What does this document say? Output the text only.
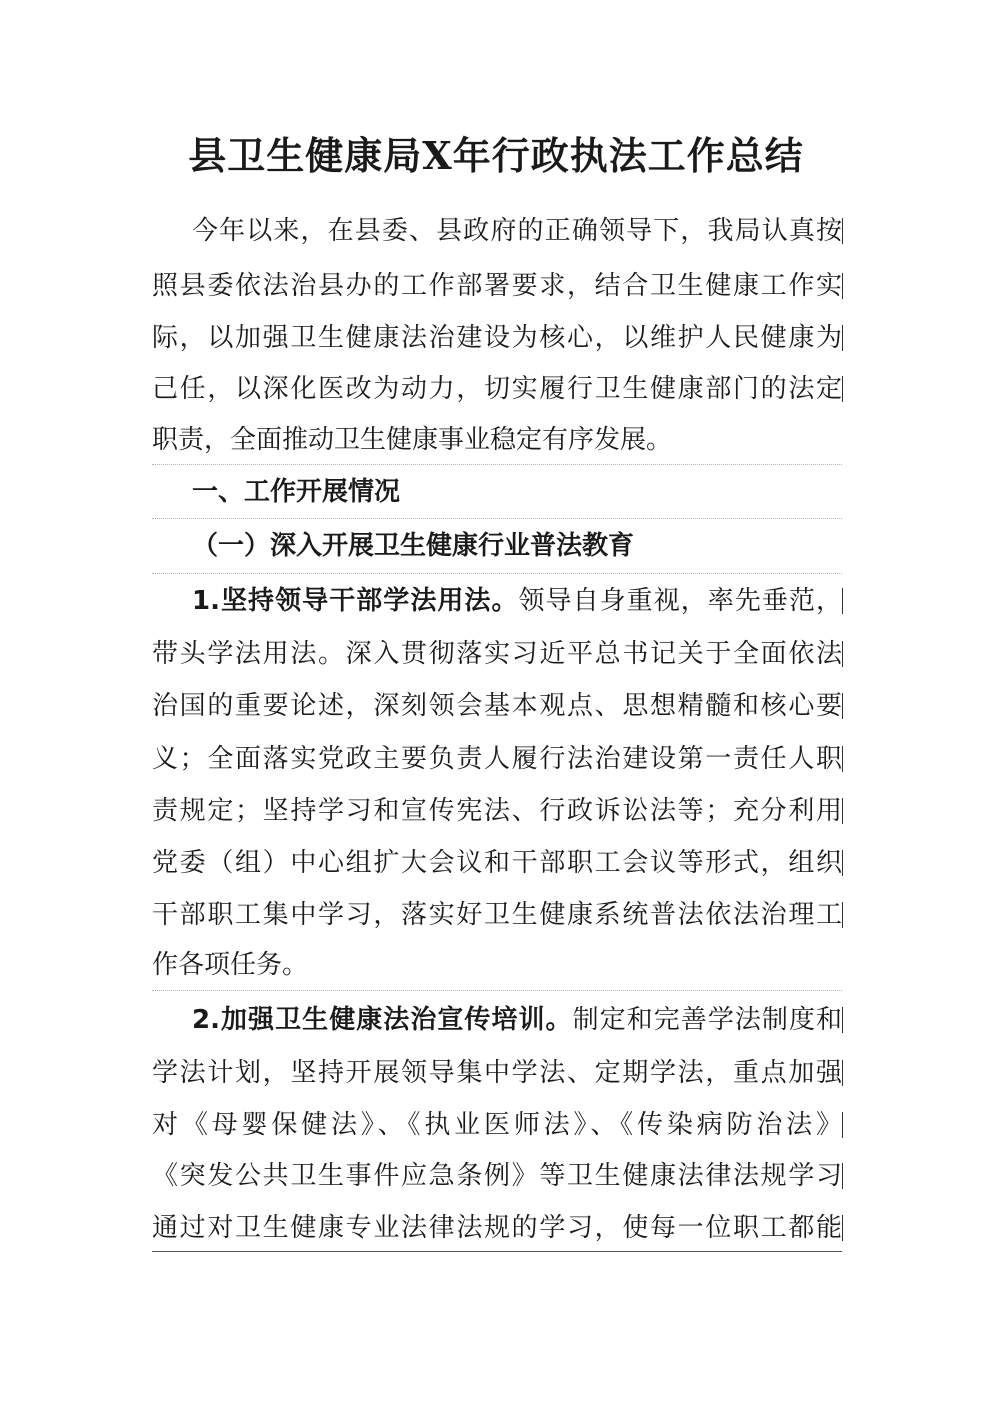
县卫生健康局X年行政执法工作总结
今年以来，在县委、县政府的正确领导下，我局认真按
照县委依法治县办的工作部署要求，结合卫生健康工作实
际，以加强卫生健康法治建设为核心，以维护人民健康为
己任，以深化医改为动力，切实履行卫生健康部门的法定
职责，全面推动卫生健康事业稳定有序发展。
一、工作开展情况
（一）深入开展卫生健康行业普法教育
1.坚持领导干部学法用法。领导自身重视，率先垂范，
带头学法用法。深入贯彻落实习近平总书记关于全面依法
治国的重要论述，深刻领会基本观点、思想精髓和核心要
义；全面落实党政主要负责人履行法治建设第一责任人职
责规定；坚持学习和宣传宪法、行政诉讼法等；充分利用
党委（组）中心组扩大会议和干部职工会议等形式，组织
干部职工集中学习，落实好卫生健康系统普法依法治理工
作各项任务。
2.加强卫生健康法治宣传培训。制定和完善学法制度和
学法计划，坚持开展领导集中学法、定期学法，重点加强
对《母婴保健法》、《执业医师法》、《传染病防治法》
《突发公共卫生事件应急条例》等卫生健康法律法规学习
通过对卫生健康专业法律法规的学习，使每一位职工都能
